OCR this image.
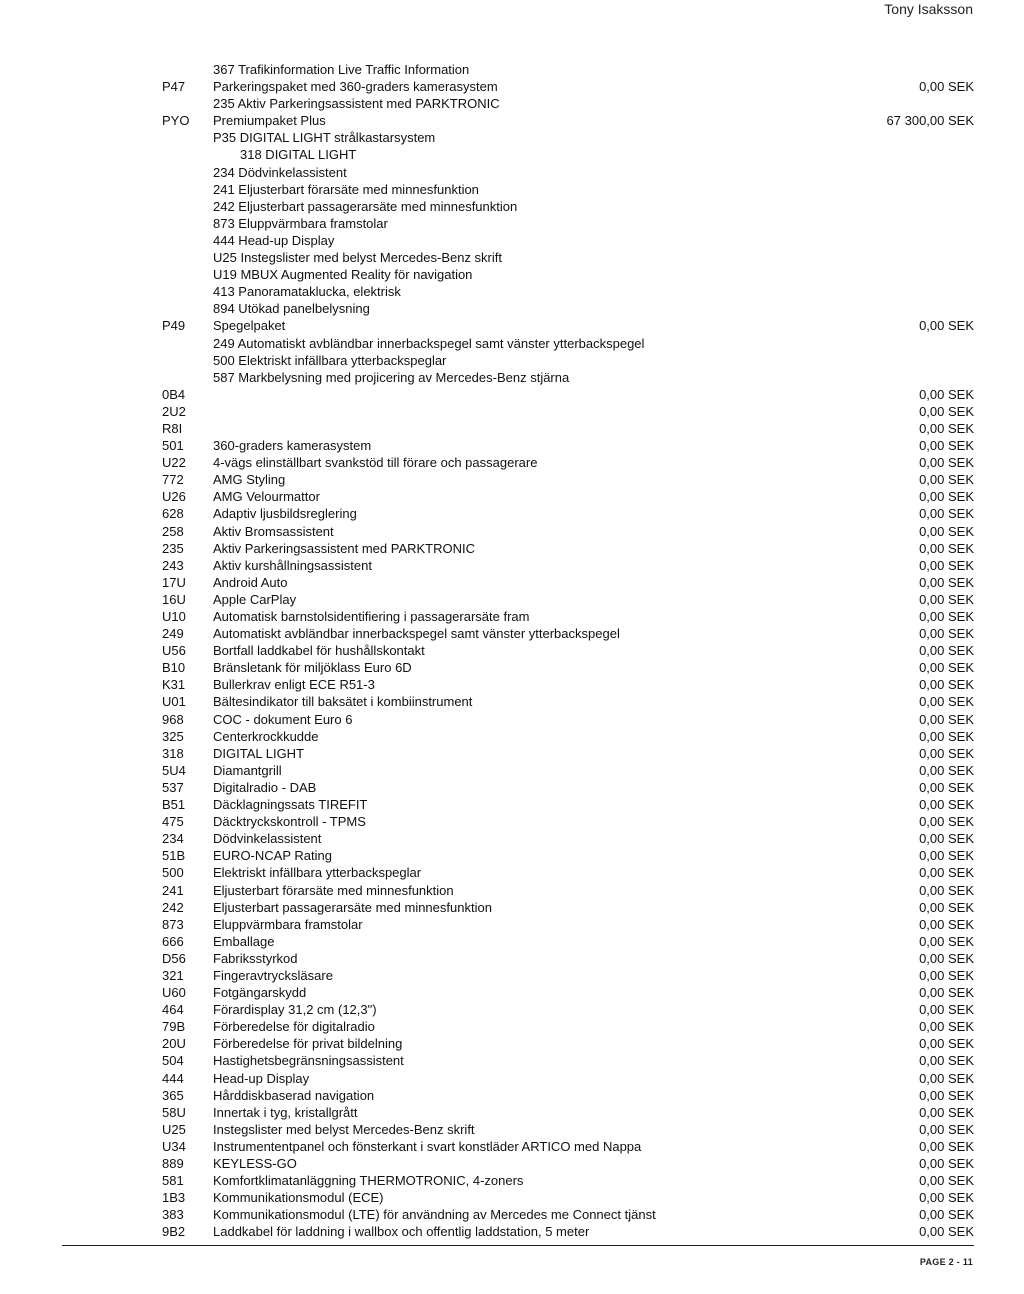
Tony Isaksson
367 Trafikinformation Live Traffic Information
P47 Parkeringspaket med 360-graders kamerasystem	0,00 SEK
235 Aktiv Parkeringsassistent med PARKTRONIC
PYO Premiumpaket Plus	67 300,00 SEK
P35 DIGITAL LIGHT strålkastarsystem
318 DIGITAL LIGHT
234 Dödvinkelassistent
241 Eljusterbart förarsäte med minnesfunktion
242 Eljusterbart passagerarsäte med minnesfunktion
873 Eluppvärmbara framstolar
444 Head-up Display
U25 Instegslister med belyst Mercedes-Benz skrift
U19 MBUX Augmented Reality för navigation
413 Panoramataklucka, elektrisk
894 Utökad panelbelysning
P49 Spegelpaket	0,00 SEK
249 Automatiskt avbländbar innerbackspegel samt vänster ytterbackspegel
500 Elektriskt infällbara ytterbackspeglar
587 Markbelysning med projicering av Mercedes-Benz stjärna
0B4	0,00 SEK
2U2	0,00 SEK
R8I	0,00 SEK
501 360-graders kamerasystem	0,00 SEK
U22 4-vägs elinställbart svankstöd till förare och passagerare	0,00 SEK
772 AMG Styling	0,00 SEK
U26 AMG Velourmattor	0,00 SEK
628 Adaptiv ljusbildsreglering	0,00 SEK
258 Aktiv Bromsassistent	0,00 SEK
235 Aktiv Parkeringsassistent med PARKTRONIC	0,00 SEK
243 Aktiv kurshållningsassistent	0,00 SEK
17U Android Auto	0,00 SEK
16U Apple CarPlay	0,00 SEK
U10 Automatisk barnstolsidentifiering i passagerarsäte fram	0,00 SEK
249 Automatiskt avbländbar innerbackspegel samt vänster ytterbackspegel	0,00 SEK
U56 Bortfall laddkabel för hushållskontakt	0,00 SEK
B10 Bränsletank för miljöklass Euro 6D	0,00 SEK
K31 Bullerkrav enligt ECE R51-3	0,00 SEK
U01 Bältesindikator till baksätet i kombiinstrument	0,00 SEK
968 COC - dokument Euro 6	0,00 SEK
325 Centerkrockkudde	0,00 SEK
318 DIGITAL LIGHT	0,00 SEK
5U4 Diamantgrill	0,00 SEK
537 Digitalradio - DAB	0,00 SEK
B51 Däcklagningssats TIREFIT	0,00 SEK
475 Däcktryckskontroll - TPMS	0,00 SEK
234 Dödvinkelassistent	0,00 SEK
51B EURO-NCAP Rating	0,00 SEK
500 Elektriskt infällbara ytterbackspeglar	0,00 SEK
241 Eljusterbart förarsäte med minnesfunktion	0,00 SEK
242 Eljusterbart passagerarsäte med minnesfunktion	0,00 SEK
873 Eluppvärmbara framstolar	0,00 SEK
666 Emballage	0,00 SEK
D56 Fabriksstyrkod	0,00 SEK
321 Fingeravtrycksläsare	0,00 SEK
U60 Fotgängarskydd	0,00 SEK
464 Förardisplay 31,2 cm (12,3")	0,00 SEK
79B Förberedelse för digitalradio	0,00 SEK
20U Förberedelse för privat bildelning	0,00 SEK
504 Hastighetsbegränsningsassistent	0,00 SEK
444 Head-up Display	0,00 SEK
365 Hårddiskbaserad navigation	0,00 SEK
58U Innertak i tyg, kristallgrått	0,00 SEK
U25 Instegslister med belyst Mercedes-Benz skrift	0,00 SEK
U34 Instrumententpanel och fönsterkant i svart konstläder ARTICO med Nappa	0,00 SEK
889 KEYLESS-GO	0,00 SEK
581 Komfortklimatanläggning THERMOTRONIC, 4-zoners	0,00 SEK
1B3 Kommunikationsmodul (ECE)	0,00 SEK
383 Kommunikationsmodul (LTE) för användning av Mercedes me Connect tjänst	0,00 SEK
9B2 Laddkabel för laddning i wallbox och offentlig laddstation, 5 meter	0,00 SEK
PAGE 2 - 11
